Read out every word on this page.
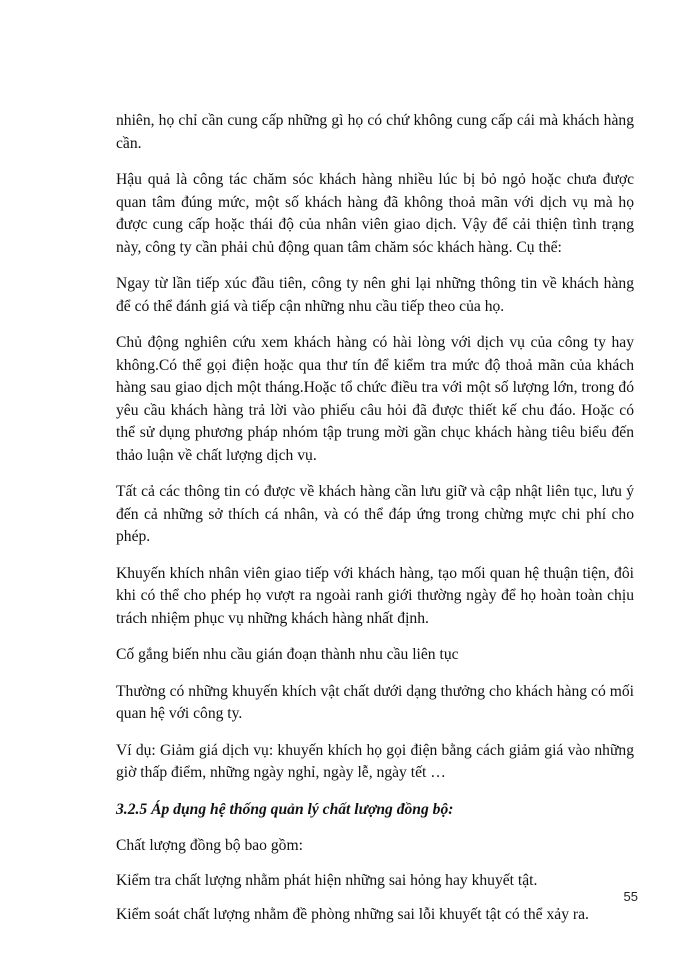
nhiên, họ chỉ cần cung cấp những gì họ có chứ không cung cấp cái mà khách hàng cần.

Hậu quả là công tác chăm sóc khách hàng nhiều lúc bị bỏ ngỏ hoặc chưa được quan tâm đúng mức, một số khách hàng đã không thoả mãn với dịch vụ mà họ được cung cấp hoặc thái độ của nhân viên giao dịch. Vậy để cải thiện tình trạng này, công ty cần phải chủ động quan tâm chăm sóc khách hàng. Cụ thể:

Ngay từ lần tiếp xúc đầu tiên, công ty nên ghi lại những thông tin về khách hàng để có thể đánh giá và tiếp cận những nhu cầu tiếp theo của họ.

Chủ động nghiên cứu xem khách hàng có hài lòng với dịch vụ của công ty hay không.Có thể gọi điện hoặc qua thư tín để kiểm tra mức độ thoả mãn của khách hàng sau giao dịch một tháng.Hoặc tổ chức điều tra với một số lượng lớn, trong đó yêu cầu khách hàng trả lời vào phiếu câu hỏi đã được thiết kế chu đáo. Hoặc có thể sử dụng phương pháp nhóm tập trung mời gần chục khách hàng tiêu biểu đến thảo luận về chất lượng dịch vụ.

Tất cả các thông tin có được về khách hàng cần lưu giữ và cập nhật liên tục, lưu ý đến cả những sở thích cá nhân, và có thể đáp ứng trong chừng mực chi phí cho phép.

Khuyến khích nhân viên giao tiếp với khách hàng, tạo mối quan hệ thuận tiện, đôi khi có thể cho phép họ vượt ra ngoài ranh giới thường ngày để họ hoàn toàn chịu trách nhiệm phục vụ những khách hàng nhất định.

Cố gắng biến nhu cầu gián đoạn thành nhu cầu liên tục

Thường có những khuyến khích vật chất dưới dạng thưởng cho khách hàng có mối quan hệ với công ty.

Ví dụ: Giảm giá dịch vụ: khuyến khích họ gọi điện bằng cách giảm giá vào những giờ thấp điểm, những ngày nghỉ, ngày lễ, ngày tết …

3.2.5 Áp dụng hệ thống quản lý chất lượng đồng bộ:

Chất lượng đồng bộ bao gồm:

Kiểm tra chất lượng nhằm phát hiện những sai hỏng hay khuyết tật.

Kiểm soát chất lượng nhằm đề phòng những sai lỗi khuyết tật có thể xảy ra.

55
